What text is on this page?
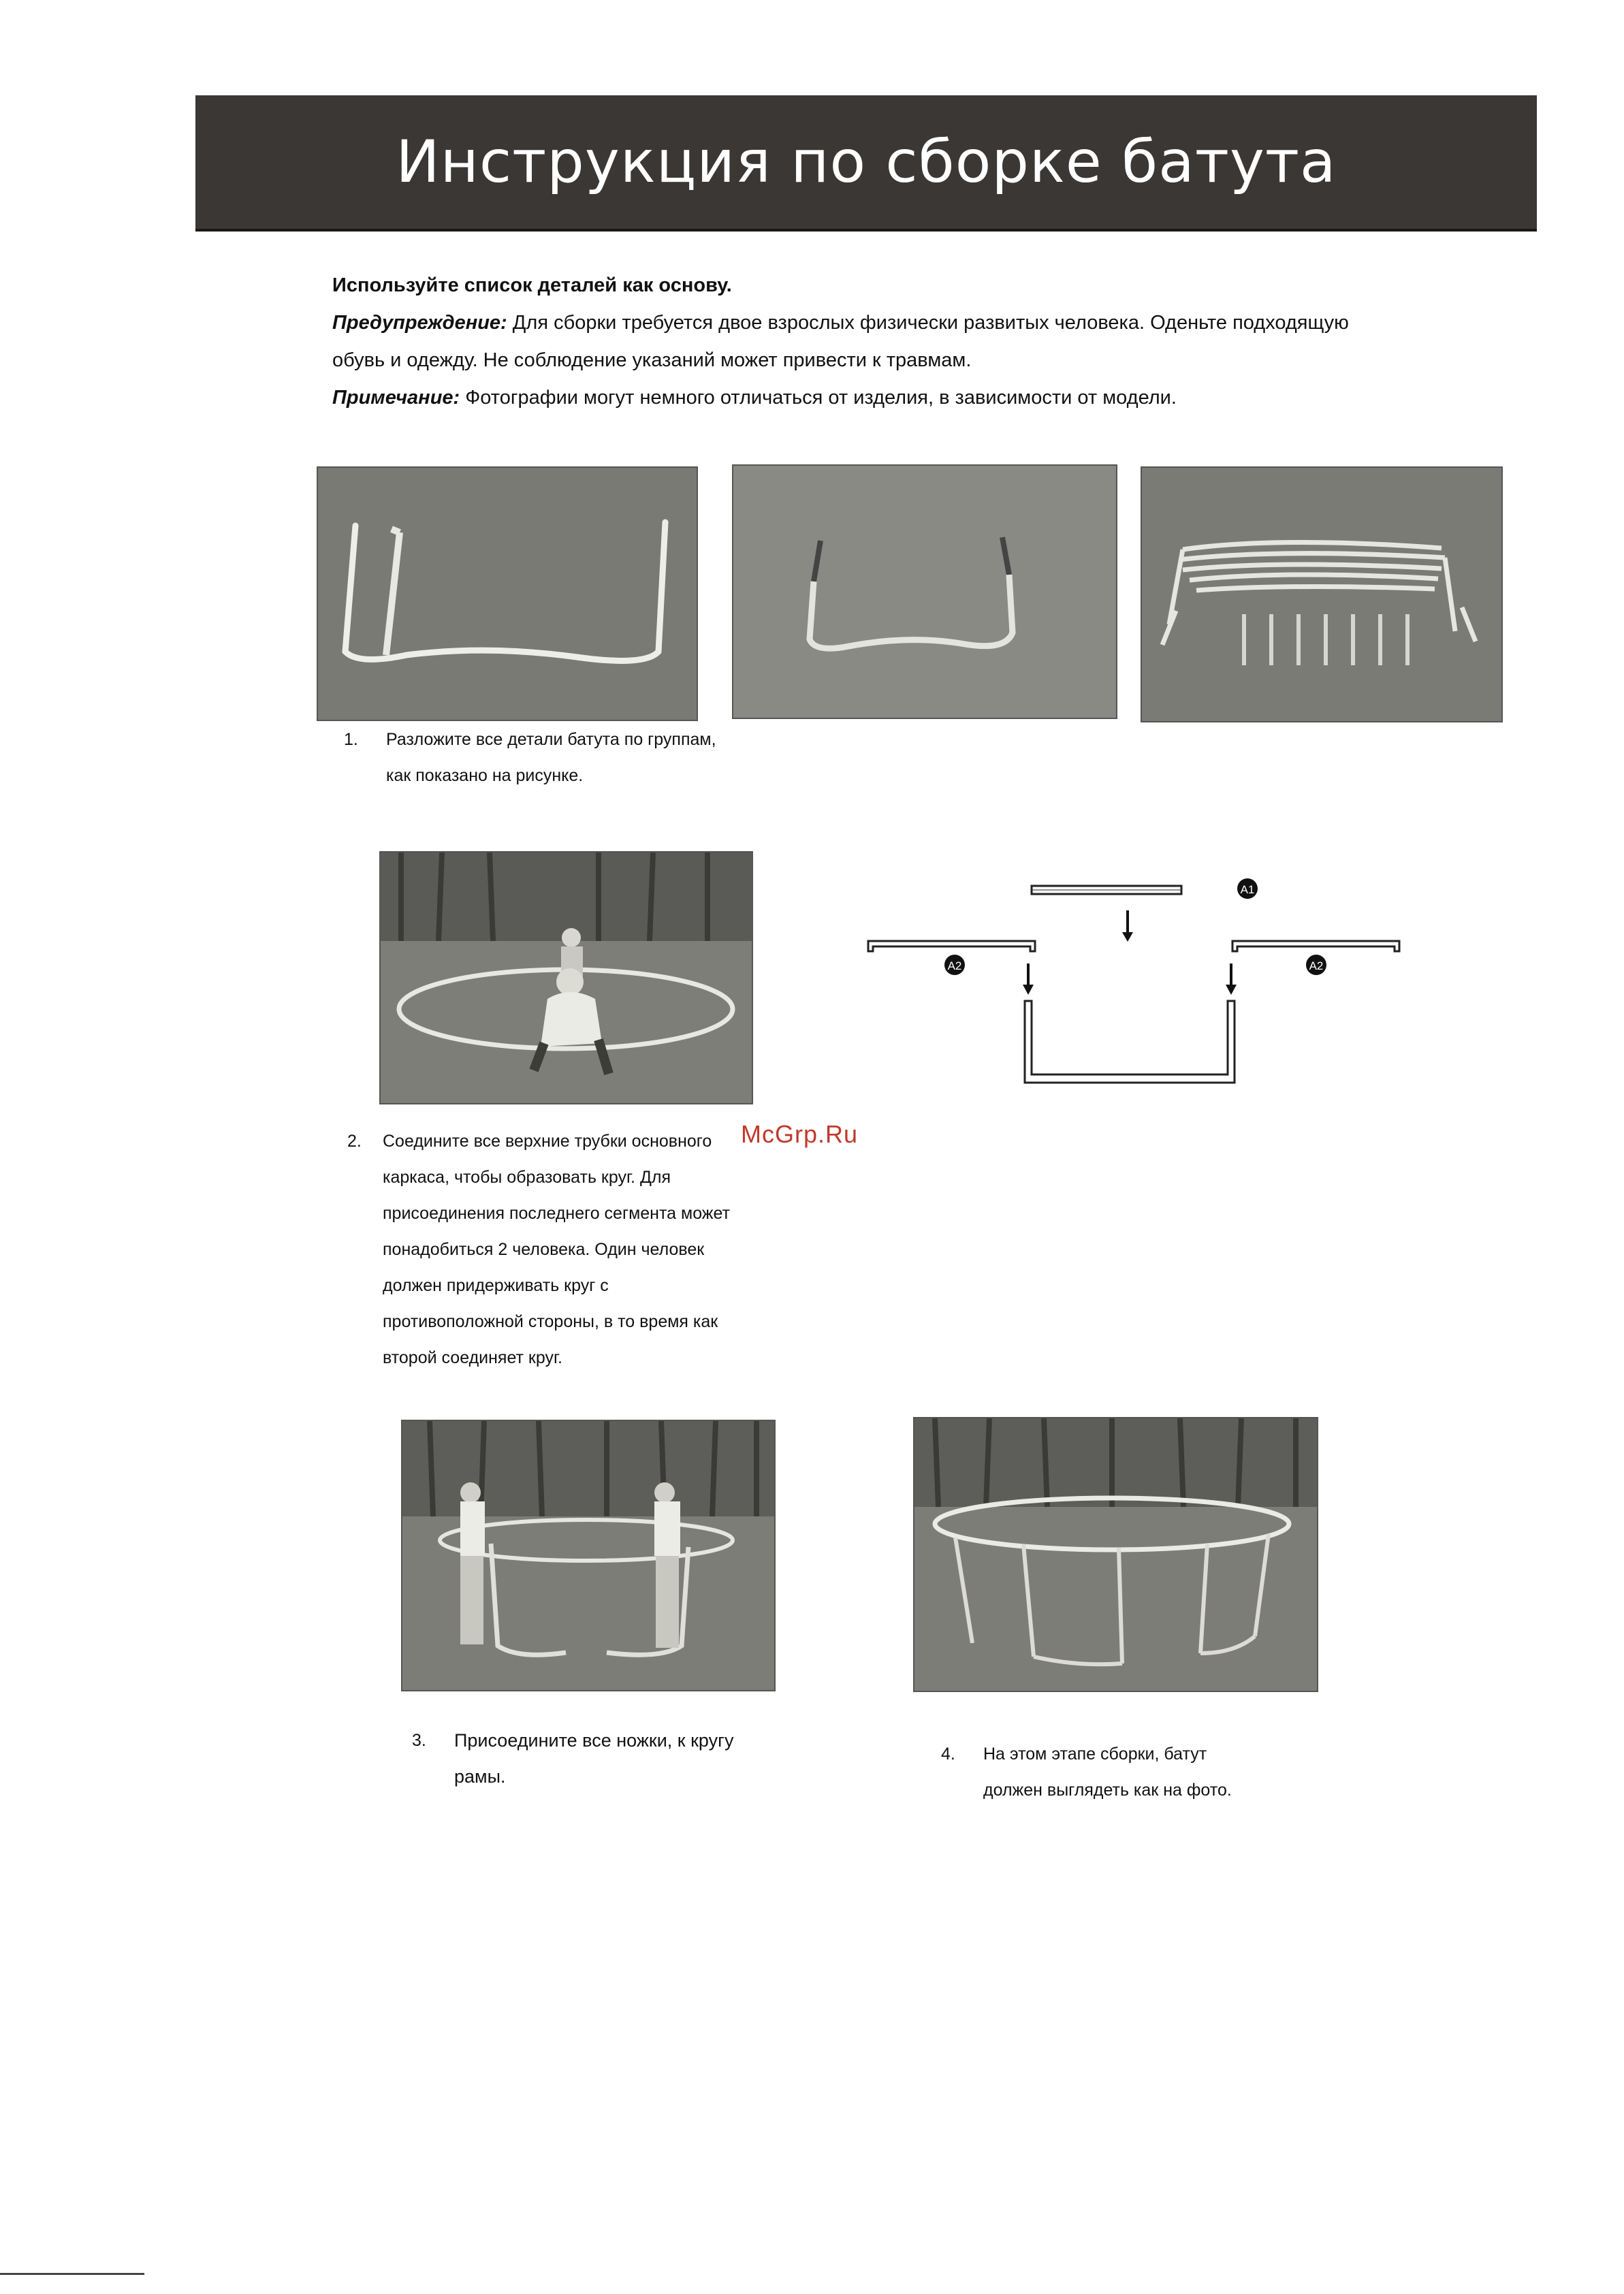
Инструкция по сборке батута

Используйте список деталей как основу.

Предупреждение: Для сборки требуется двое взрослых физически развитых человека. Оденьте подходящую

обувь и одежду. Не соблюдение указаний может привести к травмам.

Примечание: Фотографии могут немного отличаться от изделия, в зависимости от модели.

1. Разложите все детали батута по группам,
как показано на рисунке.
A1
A2	A2
2. Соедините все верхние трубки основного
каркаса, чтобы образовать круг. Для
присоединения последнего сегмента может
понадобиться 2 человека. Один человек
должен придерживать круг с
противоположной стороны, в то время как
второй соединяет круг.
McGrp.Ru
3. Присоедините все ножки, к кругу
рамы.
4. На этом этапе сборки, батут
должен выглядеть как на фото.
